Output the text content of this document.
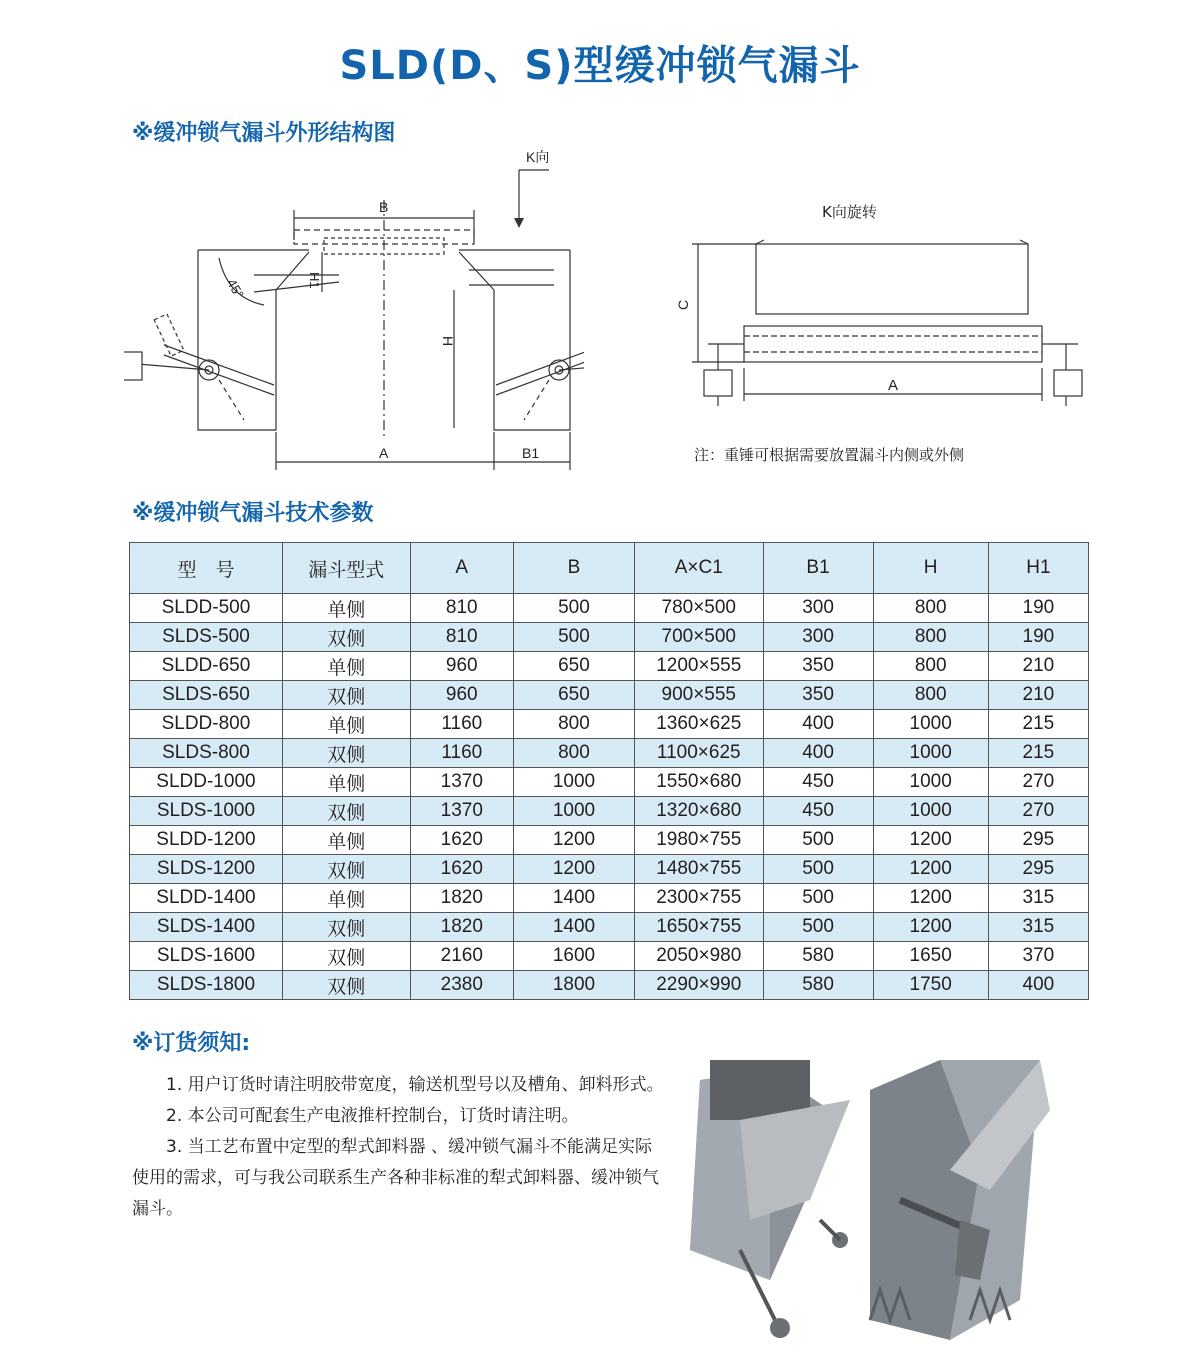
SLD(D、S)型缓冲锁气漏斗
※缓冲锁气漏斗外形结构图
K向
B
H1
H
A	B1
45°
K向旋转
C
A
注：重锤可根据需要放置漏斗内侧或外侧
※缓冲锁气漏斗技术参数
型　号	漏斗型式	A	B	A×C1	B1	H	H1
SLDD-500	单侧	810	500	780×500	300	800	190
SLDS-500	双侧	810	500	700×500	300	800	190
SLDD-650	单侧	960	650	1200×555	350	800	210
SLDS-650	双侧	960	650	900×555	350	800	210
SLDD-800	单侧	1160	800	1360×625	400	1000	215
SLDS-800	双侧	1160	800	1100×625	400	1000	215
SLDD-1000	单侧	1370	1000	1550×680	450	1000	270
SLDS-1000	双侧	1370	1000	1320×680	450	1000	270
SLDD-1200	单侧	1620	1200	1980×755	500	1200	295
SLDS-1200	双侧	1620	1200	1480×755	500	1200	295
SLDD-1400	单侧	1820	1400	2300×755	500	1200	315
SLDS-1400	双侧	1820	1400	1650×755	500	1200	315
SLDS-1600	双侧	2160	1600	2050×980	580	1650	370
SLDS-1800	双侧	2380	1800	2290×990	580	1750	400
※订货须知:

1. 用户订货时请注明胶带宽度，输送机型号以及槽角、卸料形式。

2. 本公司可配套生产电液推杆控制台，订货时请注明。

3. 当工艺布置中定型的犁式卸料器 、缓冲锁气漏斗不能满足实际使用的需求，可与我公司联系生产各种非标准的犁式卸料器、缓冲锁气漏斗。
